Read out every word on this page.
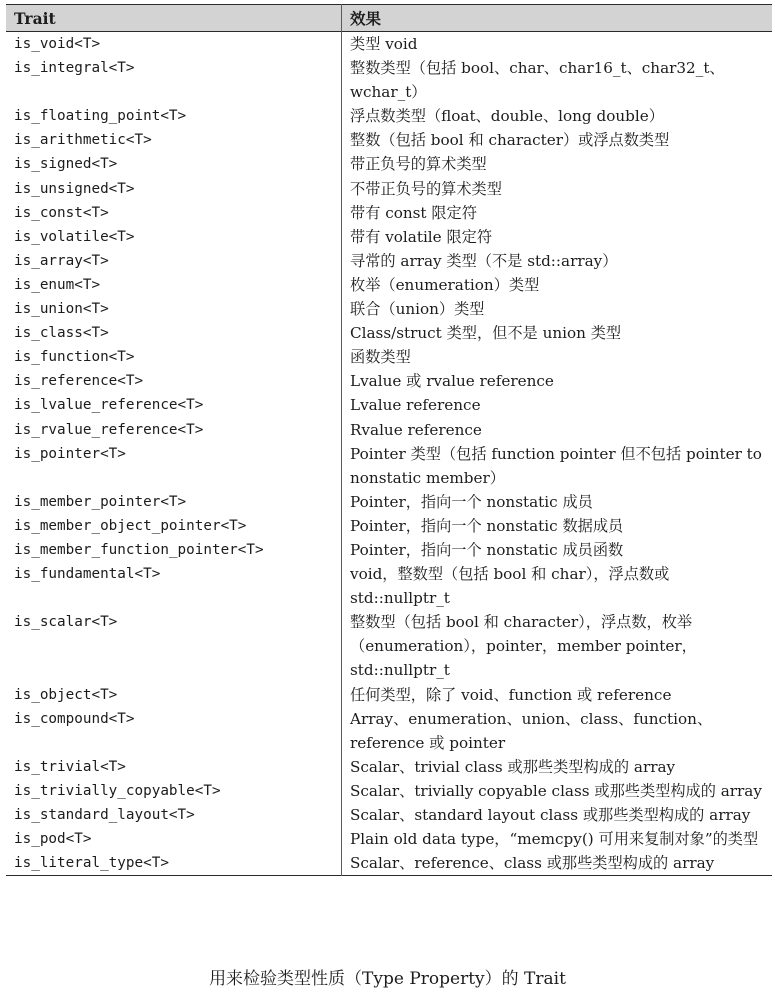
Trait	效果
is_void<T>	类型 void
is_integral<T>	整数类型（包括 bool、char、char16_t、char32_t、wchar_t）
is_floating_point<T>	浮点数类型（float、double、long double）
is_arithmetic<T>	整数（包括 bool 和 character）或浮点数类型
is_signed<T>	带正负号的算术类型
is_unsigned<T>	不带正负号的算术类型
is_const<T>	带有 const 限定符
is_volatile<T>	带有 volatile 限定符
is_array<T>	寻常的 array 类型（不是 std::array）
is_enum<T>	枚举（enumeration）类型
is_union<T>	联合（union）类型
is_class<T>	Class/struct 类型，但不是 union 类型
is_function<T>	函数类型
is_reference<T>	Lvalue 或 rvalue reference
is_lvalue_reference<T>	Lvalue reference
is_rvalue_reference<T>	Rvalue reference
is_pointer<T>	Pointer 类型（包括 function pointer 但不包括 pointer to nonstatic member）
is_member_pointer<T>	Pointer，指向一个 nonstatic 成员
is_member_object_pointer<T>	Pointer，指向一个 nonstatic 数据成员
is_member_function_pointer<T>	Pointer，指向一个 nonstatic 成员函数
is_fundamental<T>	void，整数型（包括 bool 和 char），浮点数或std::nullptr_t
is_scalar<T>	整数型（包括 bool 和 character），浮点数，枚举（enumeration），pointer，member pointer，std::nullptr_t
is_object<T>	任何类型，除了 void、function 或 reference
is_compound<T>	Array、enumeration、union、class、function、reference 或 pointer
is_trivial<T>	Scalar、trivial class 或那些类型构成的 array
is_trivially_copyable<T>	Scalar、trivially copyable class 或那些类型构成的 array
is_standard_layout<T>	Scalar、standard layout class 或那些类型构成的 array
is_pod<T>	Plain old data type，“memcpy() 可用来复制对象”的类型
is_literal_type<T>	Scalar、reference、class 或那些类型构成的 array
用来检验类型性质（Type Property）的 Trait
